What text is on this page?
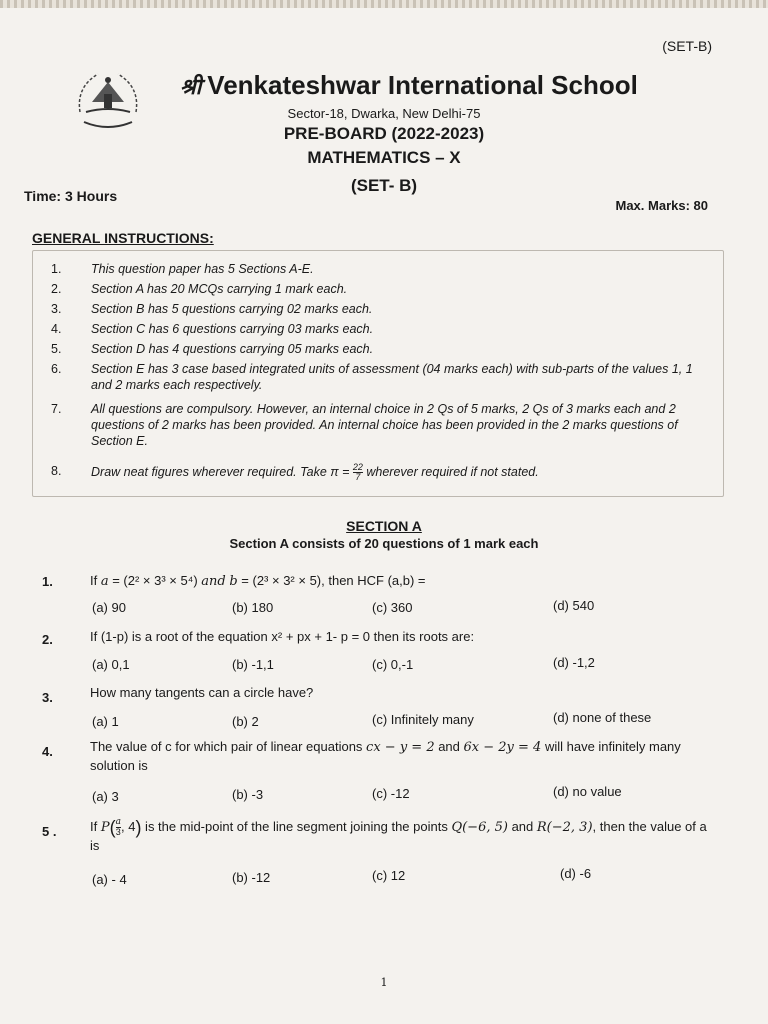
(SET-B)
श्री Venkateshwar International School
Sector-18, Dwarka, New Delhi-75
PRE-BOARD (2022-2023)
MATHEMATICS – X
(SET- B)
Time: 3 Hours
Max. Marks: 80
GENERAL INSTRUCTIONS:
1. This question paper has 5 Sections A-E.
2. Section A has 20 MCQs carrying 1 mark each.
3. Section B has 5 questions carrying 02 marks each.
4. Section C has 6 questions carrying 03 marks each.
5. Section D has 4 questions carrying 05 marks each.
6. Section E has 3 case based integrated units of assessment (04 marks each) with sub-parts of the values 1, 1 and 2 marks each respectively.
7. All questions are compulsory. However, an internal choice in 2 Qs of 5 marks, 2 Qs of 3 marks each and 2 questions of 2 marks has been provided. An internal choice has been provided in the 2 marks questions of Section E.
8. Draw neat figures wherever required. Take $\pi = \frac{22}{7}$ wherever required if not stated.
SECTION A
Section A consists of 20 questions of 1 mark each
1.	If a = (2² × 3³ × 5⁴) and b = (2³ × 3² × 5), then HCF (a,b) =
(a) 90	(b) 180	(c) 360	(d) 540
2.	If (1-p) is a root of the equation x² + px + 1- p = 0 then its roots are:
(a) 0,1	(b) -1,1	(c) 0,-1	(d) -1,2
3.	How many tangents can a circle have?
(a) 1	(b) 2	(c) Infinitely many	(d) none of these
4.	The value of c for which pair of linear equations cx − y = 2 and 6x − 2y = 4 will have infinitely many solution is
(a) 3	(b) -3	(c) -12	(d) no value
5 .	If $P( \frac{a}{3}$ , 4) is the mid-point of the line segment joining the points Q(−6, 5) and R(−2, 3), then the value of a is
(a) - 4	(b) -12	(c) 12	(d) -6
1
